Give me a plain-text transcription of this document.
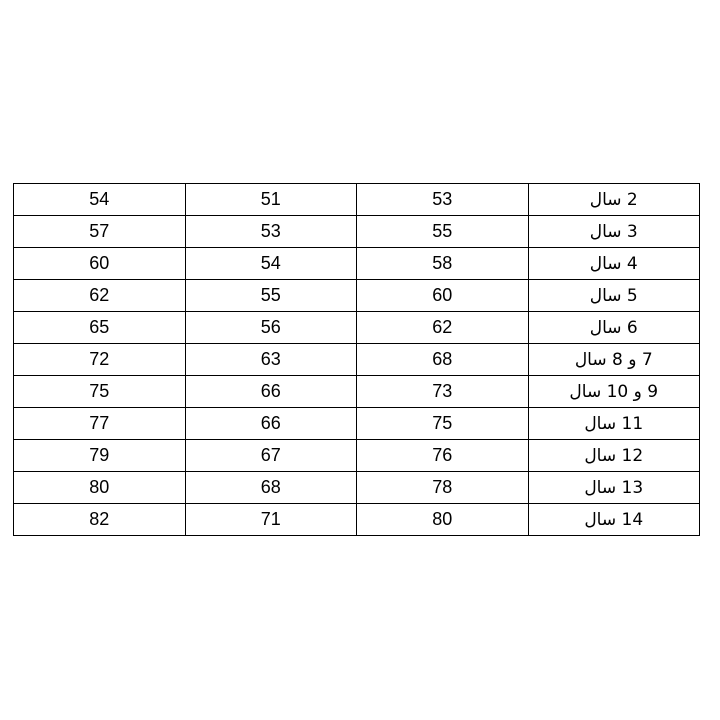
54	51	53	2 سال
57	53	55	3 سال
60	54	58	4 سال
62	55	60	5 سال
65	56	62	6 سال
72	63	68	7 و 8 سال
75	66	73	9 و 10 سال
77	66	75	11 سال
79	67	76	12 سال
80	68	78	13 سال
82	71	80	14 سال
